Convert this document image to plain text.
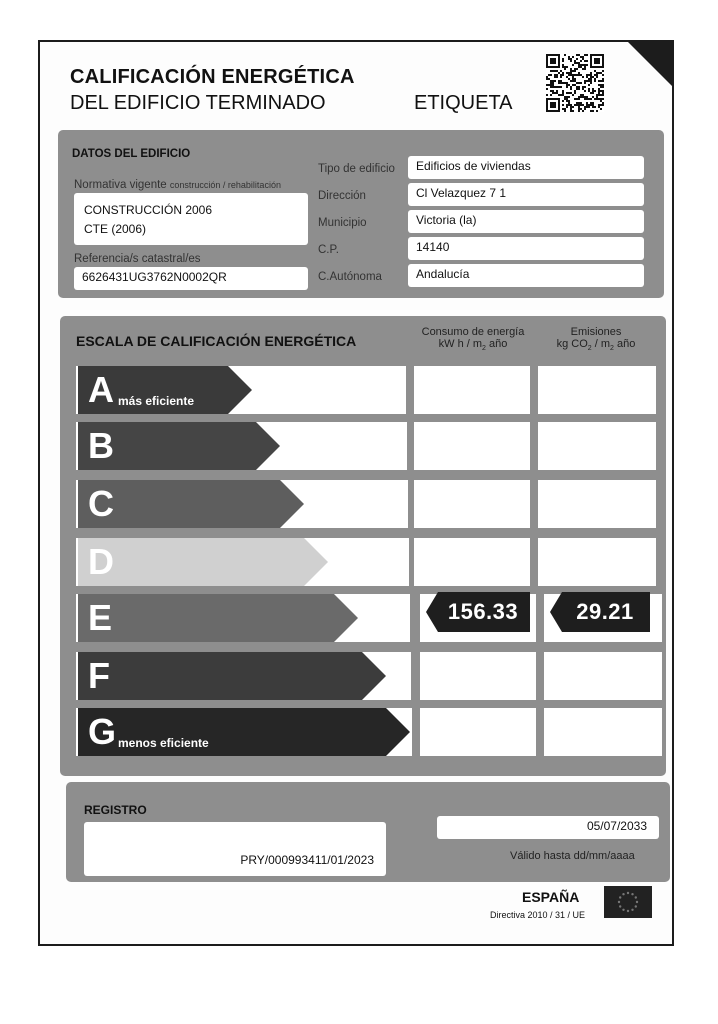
CALIFICACIÓN ENERGÉTICA
DEL EDIFICIO TERMINADO	ETIQUETA
DATOS DEL EDIFICIO
Normativa vigente construcción / rehabilitación
CONSTRUCCIÓN 2006
CTE (2006)
Referencia/s catastral/es
6626431UG3762N0002QR
Tipo de edificio	Edificios de viviendas
Dirección	Cl Velazquez 7 1
Municipio	Victoria (la)
C.P.	14140
C.Autónoma	Andalucía
ESCALA DE CALIFICACIÓN ENERGÉTICA
Consumo de energía
kW h / $m_2$ año
Emisiones
kg $CO_2 / m_2$ año
A más eficiente
B
C
D
E	156.33	29.21
F
G menos eficiente
REGISTRO
PRY/000993411/01/2023
05/07/2033
Válido hasta dd/mm/aaaa
ESPAÑA
Directiva 2010 / 31 / UE
